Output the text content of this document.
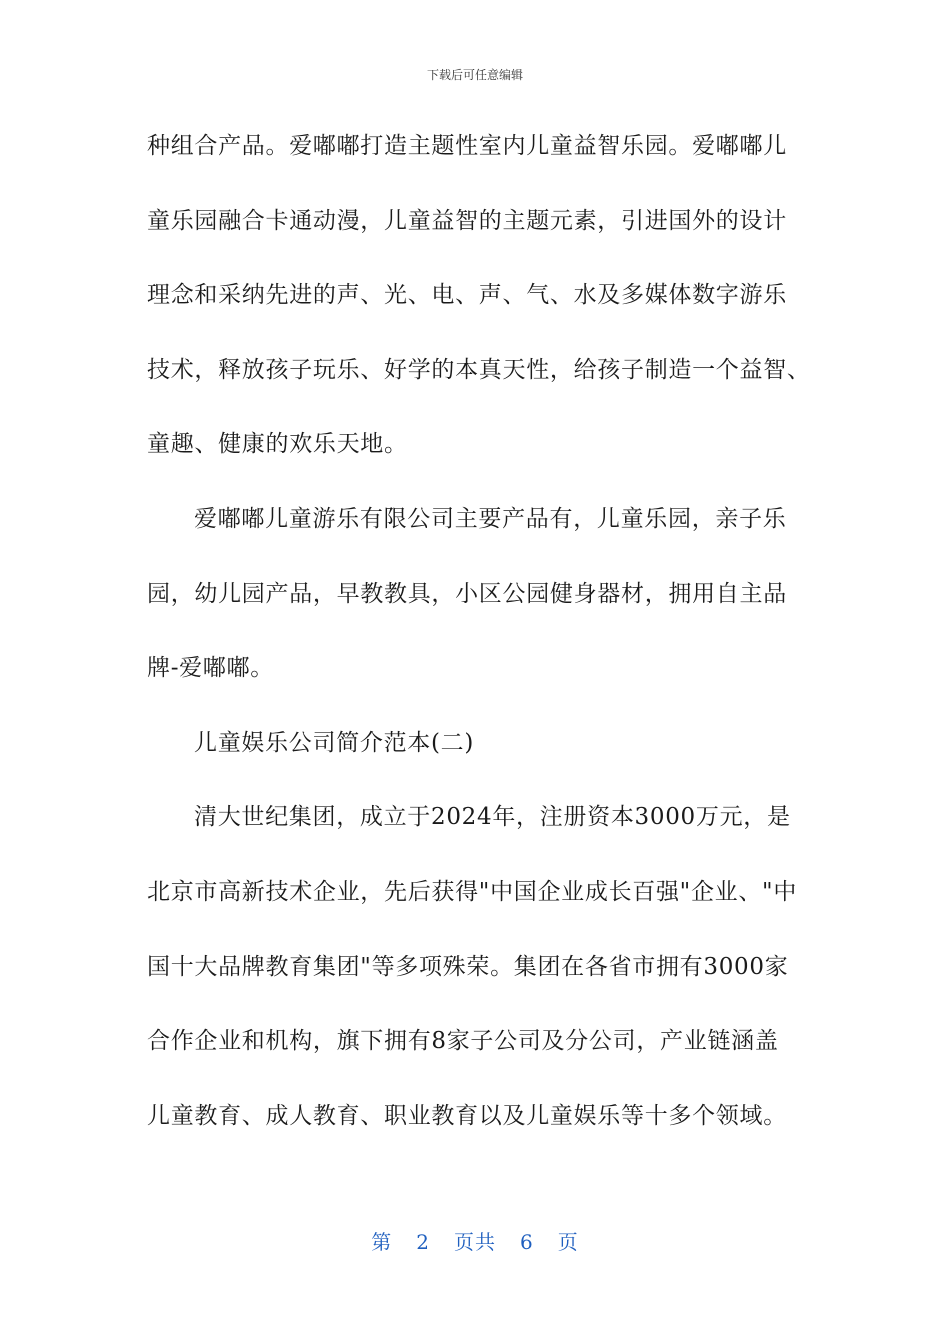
下载后可任意编辑
种组合产品。爱嘟嘟打造主题性室内儿童益智乐园。爱嘟嘟儿
童乐园融合卡通动漫，儿童益智的主题元素，引进国外的设计
理念和采纳先进的声、光、电、声、气、水及多媒体数字游乐
技术，释放孩子玩乐、好学的本真天性，给孩子制造一个益智、
童趣、健康的欢乐天地。
爱嘟嘟儿童游乐有限公司主要产品有，儿童乐园，亲子乐
园，幼儿园产品，早教教具，小区公园健身器材，拥用自主品
牌-爱嘟嘟。
儿童娱乐公司简介范本(二)
清大世纪集团，成立于2024年，注册资本3000万元，是
北京市高新技术企业，先后获得"中国企业成长百强"企业、"中
国十大品牌教育集团"等多项殊荣。集团在各省市拥有3000家
合作企业和机构，旗下拥有8家子公司及分公司，产业链涵盖
儿童教育、成人教育、职业教育以及儿童娱乐等十多个领域。
第 2 页共 6 页
